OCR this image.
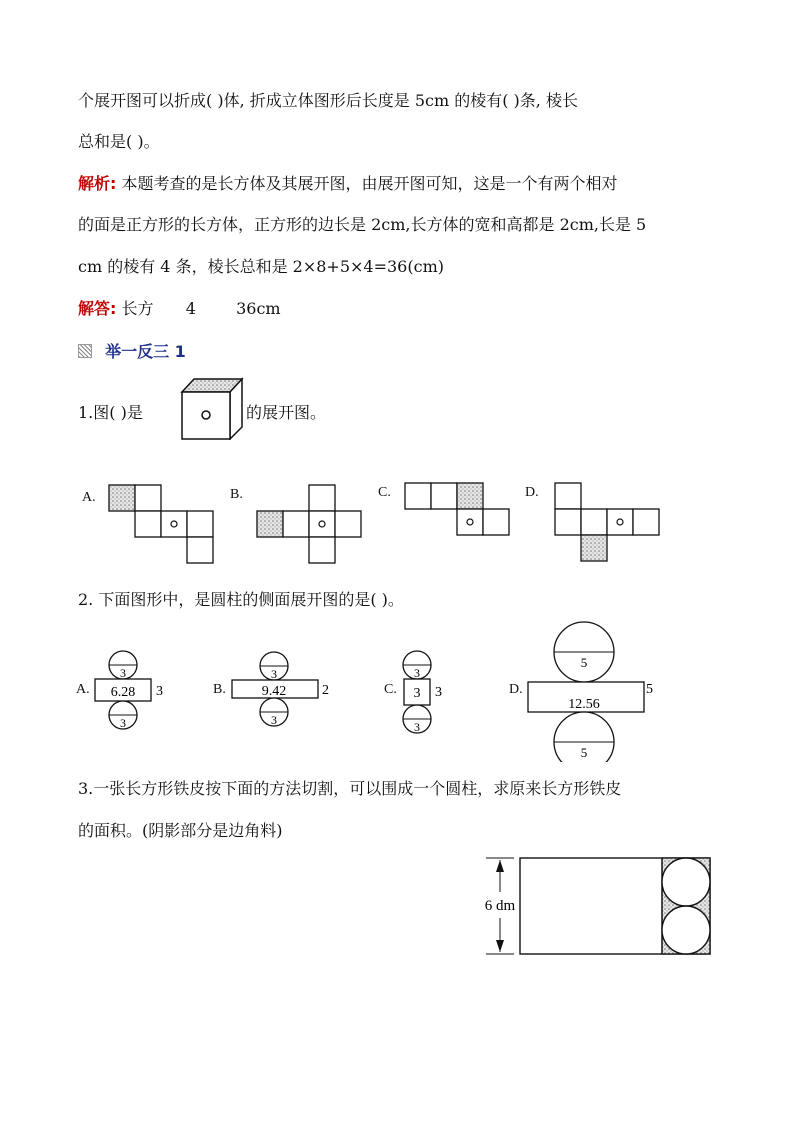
个展开图可以折成( )体, 折成立体图形后长度是 5cm 的棱有( )条, 棱长
总和是( )。
解析: 本题考查的是长方体及其展开图，由展开图可知，这是一个有两个相对
的面是正方形的长方体，正方形的边长是 2cm,长方体的宽和高都是 2cm,长是 5
cm 的棱有 4 条，棱长总和是 2×8+5×4=36(cm)
解答: 长方 4	36cm
举一反三 1
1.图( )是	的展开图。
A.	B.	C.	D.
2. 下面图形中，是圆柱的侧面展开图的是( )。
A.
3
6.28 3
3
B.
3
9.42	2
3
C.
3
3 3
3
D.
5
12.56
5
5
3.一张长方形铁皮按下面的方法切割，可以围成一个圆柱，求原来长方形铁皮
的面积。(阴影部分是边角料)
6 dm
